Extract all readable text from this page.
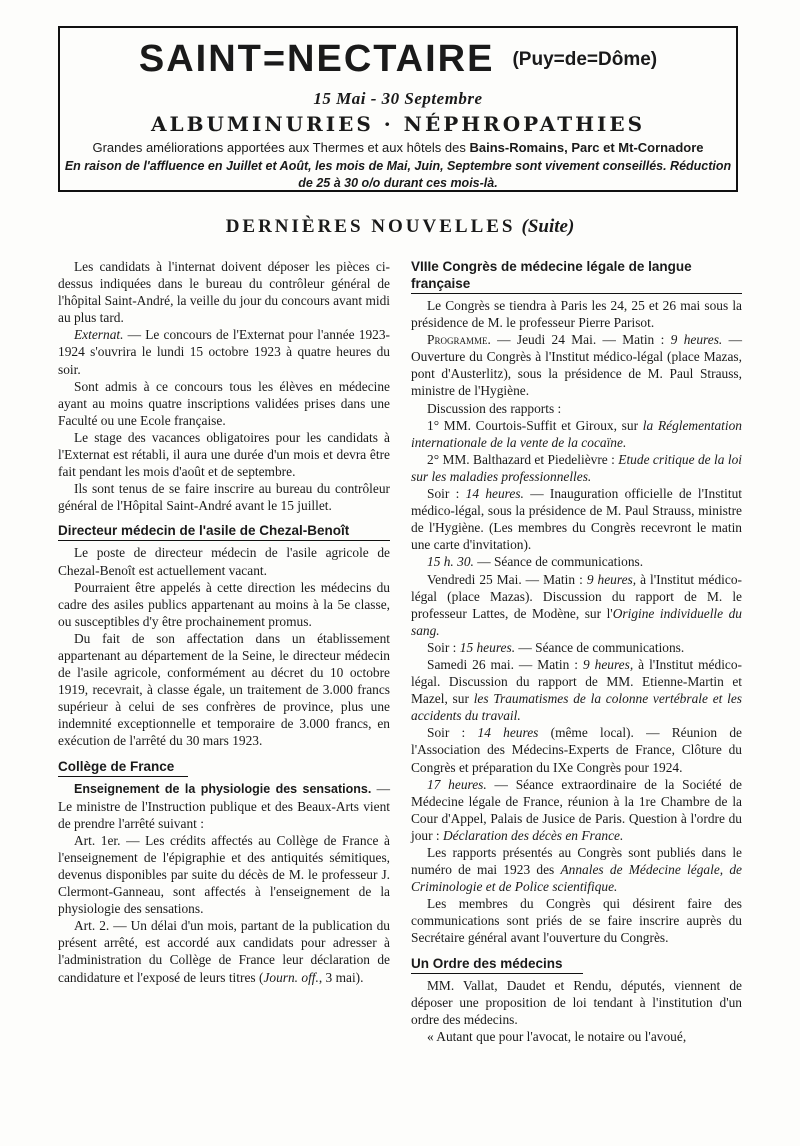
SAINT=NECTAIRE (Puy=de=Dôme)
15 Mai - 30 Septembre
ALBUMINURIES · NÉPHROPATHIES
Grandes améliorations apportées aux Thermes et aux hôtels des Bains-Romains, Parc et Mt-Cornadore
En raison de l'affluence en Juillet et Août, les mois de Mai, Juin, Septembre sont vivement conseillés. Réduction de 25 à 30 o/o durant ces mois-là.
DERNIÈRES NOUVELLES (Suite)

Les candidats à l'internat doivent déposer les pièces ci-dessus indiquées dans le bureau du contrôleur général de l'hôpital Saint-André, la veille du jour du concours avant midi au plus tard.

Externat. — Le concours de l'Externat pour l'année 1923-1924 s'ouvrira le lundi 15 octobre 1923 à quatre heures du soir.

Sont admis à ce concours tous les élèves en médecine ayant au moins quatre inscriptions validées prises dans une Faculté ou une Ecole française.

Le stage des vacances obligatoires pour les candidats à l'Externat est rétabli, il aura une durée d'un mois et devra être fait pendant les mois d'août et de septembre.

Ils sont tenus de se faire inscrire au bureau du contrôleur général de l'Hôpital Saint-André avant le 15 juillet.

Directeur médecin de l'asile de Chezal-Benoît

Le poste de directeur médecin de l'asile agricole de Chezal-Benoît est actuellement vacant.

Pourraient être appelés à cette direction les médecins du cadre des asiles publics appartenant au moins à la 5e classe, ou susceptibles d'y être prochainement promus.

Du fait de son affectation dans un établissement appartenant au département de la Seine, le directeur médecin de l'asile agricole, conformément au décret du 10 octobre 1919, recevrait, à classe égale, un traitement de 3.000 francs supérieur à celui de ses confrères de province, plus une indemnité exceptionnelle et temporaire de 3.000 francs, en exécution de l'arrêté du 30 mars 1923.

Collège de France

Enseignement de la physiologie des sensations. — Le ministre de l'Instruction publique et des Beaux-Arts vient de prendre l'arrêté suivant :

Art. 1er. — Les crédits affectés au Collège de France à l'enseignement de l'épigraphie et des antiquités sémitiques, devenus disponibles par suite du décès de M. le professeur J. Clermont-Ganneau, sont affectés à l'enseignement de la physiologie des sensations.

Art. 2. — Un délai d'un mois, partant de la publication du présent arrêté, est accordé aux candidats pour adresser à l'administration du Collège de France leur déclaration de candidature et l'exposé de leurs titres (Journ. off., 3 mai).

VIIIe Congrès de médecine légale de langue française

Le Congrès se tiendra à Paris les 24, 25 et 26 mai sous la présidence de M. le professeur Pierre Parisot.

Programme. — Jeudi 24 Mai. — Matin : 9 heures. — Ouverture du Congrès à l'Institut médico-légal (place Mazas, pont d'Austerlitz), sous la présidence de M. Paul Strauss, ministre de l'Hygiène.

Discussion des rapports :

1° MM. Courtois-Suffit et Giroux, sur la Réglementation internationale de la vente de la cocaïne.

2° MM. Balthazard et Piedelièvre : Etude critique de la loi sur les maladies professionnelles.

Soir : 14 heures. — Inauguration officielle de l'Institut médico-légal, sous la présidence de M. Paul Strauss, ministre de l'Hygiène. (Les membres du Congrès recevront le matin une carte d'invitation).

15 h. 30. — Séance de communications.

Vendredi 25 Mai. — Matin : 9 heures, à l'Institut médico-légal (place Mazas). Discussion du rapport de M. le professeur Lattes, de Modène, sur l'Origine individuelle du sang.

Soir : 15 heures. — Séance de communications.

Samedi 26 mai. — Matin : 9 heures, à l'Institut médico-légal. Discussion du rapport de MM. Etienne-Martin et Mazel, sur les Traumatismes de la colonne vertébrale et les accidents du travail.

Soir : 14 heures (même local). — Réunion de l'Association des Médecins-Experts de France, Clôture du Congrès et préparation du IXe Congrès pour 1924.

17 heures. — Séance extraordinaire de la Société de Médecine légale de France, réunion à la 1re Chambre de la Cour d'Appel, Palais de Jusice de Paris. Question à l'ordre du jour : Déclaration des décès en France.

Les rapports présentés au Congrès sont publiés dans le numéro de mai 1923 des Annales de Médecine légale, de Criminologie et de Police scientifique.

Les membres du Congrès qui désirent faire des communications sont priés de se faire inscrire auprès du Secrétaire général avant l'ouverture du Congrès.

Un Ordre des médecins

MM. Vallat, Daudet et Rendu, députés, viennent de déposer une proposition de loi tendant à l'institution d'un ordre des médecins.

« Autant que pour l'avocat, le notaire ou l'avoué,
